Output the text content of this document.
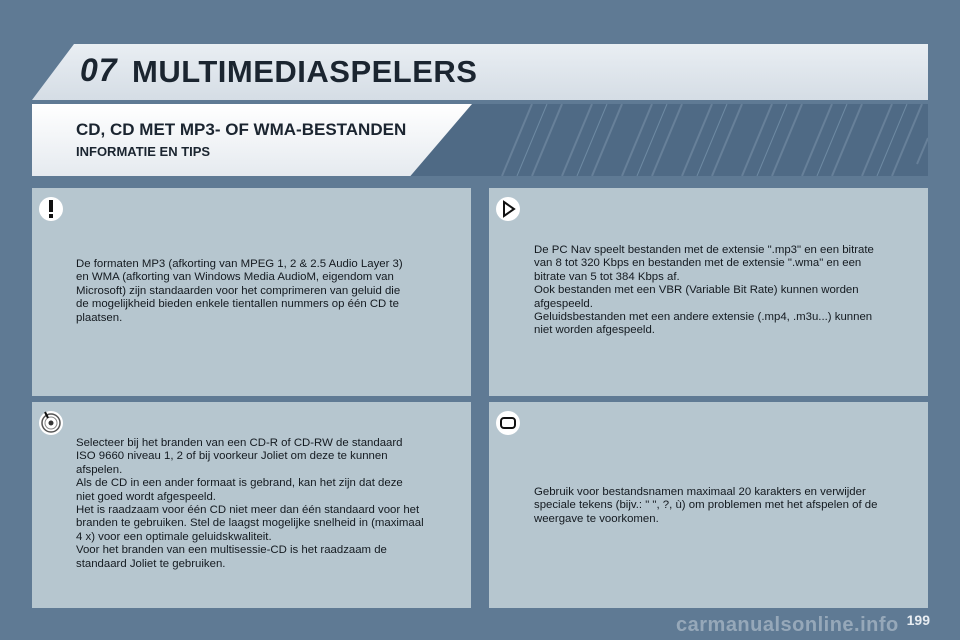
07 MULTIMEDIASPELERS
CD, CD MET MP3- OF WMA-BESTANDEN
INFORMATIE EN TIPS
De formaten MP3 (afkorting van MPEG 1, 2 & 2.5 Audio Layer 3)
en WMA (afkorting van Windows Media AudioM, eigendom van
Microsoft) zijn standaarden voor het comprimeren van geluid die
de mogelijkheid bieden enkele tientallen nummers op één CD te
plaatsen.
De PC Nav speelt bestanden met de extensie ".mp3" en een bitrate
van 8 tot 320 Kbps en bestanden met de extensie ".wma" en een
bitrate van 5 tot 384 Kbps af.
Ook bestanden met een VBR (Variable Bit Rate) kunnen worden
afgespeeld.
Geluidsbestanden met een andere extensie (.mp4, .m3u...) kunnen
niet worden afgespeeld.
Selecteer bij het branden van een CD-R of CD-RW de standaard
ISO 9660 niveau 1, 2 of bij voorkeur Joliet om deze te kunnen
afspelen.
Als de CD in een ander formaat is gebrand, kan het zijn dat deze
niet goed wordt afgespeeld.
Het is raadzaam voor één CD niet meer dan één standaard voor het
branden te gebruiken. Stel de laagst mogelijke snelheid in (maximaal
4 x) voor een optimale geluidskwaliteit.
Voor het branden van een multisessie-CD is het raadzaam de
standaard Joliet te gebruiken.
Gebruik voor bestandsnamen maximaal 20 karakters en verwijder
speciale tekens (bijv.: " ", ?, ù) om problemen met het afspelen of de
weergave te voorkomen.
carmanualsonline.info 199
